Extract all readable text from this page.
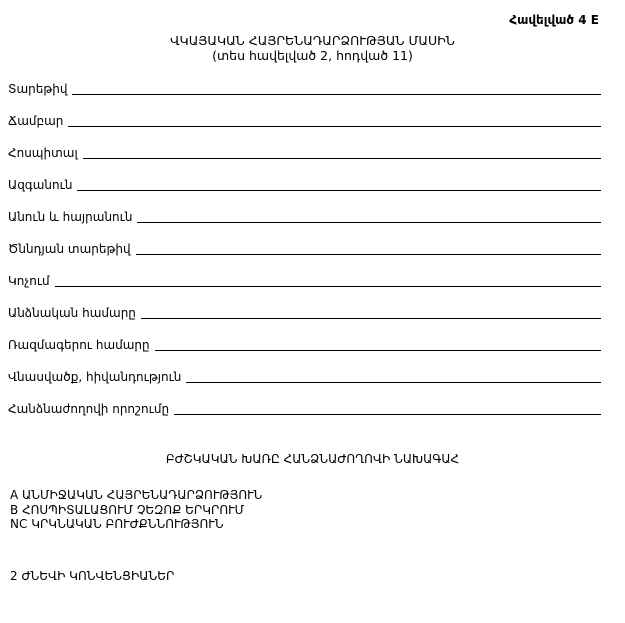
Հավելված 4 E
ՎԿԱՅԱԿԱՆ ՀԱՅՐԵՆԱԴԱՐՁՈՒԹՅԱՆ ՄԱՍԻՆ
(տես հավելված 2, հոդված 11)
Տարեթիվ
Ճամբար
Հոսպիտալ
Ազգանուն
Անուն և հայրանուն
Ծննդյան տարեթիվ
Կոչում
Անձնական համարը
Ռազմագերու համարը
Վնասվածք, հիվանդություն
Հանձնաժողովի որոշումը
ԲԺՇԿԱԿԱՆ ԽԱՌԸ ՀԱՆՁՆԱԺՈՂՈՎԻ ՆԱԽԱԳԱՀ
A ԱՆՄԻՋԱԿԱՆ ՀԱՅՐԵՆԱԴԱՐՁՈՒԹՅՈՒՆ
B ՀՈՍՊԻՏԱԼԱՑՈՒՄ ՉԵԶՈՔ ԵՐԿՐՈՒՄ
NC ԿՐԿՆԱԿԱՆ ԲՈՒԺՔՆՆՈՒԹՅՈՒՆ
2 ԺՆԵՎԻ ԿՈՆՎԵՆՑԻԱՆԵՐ
